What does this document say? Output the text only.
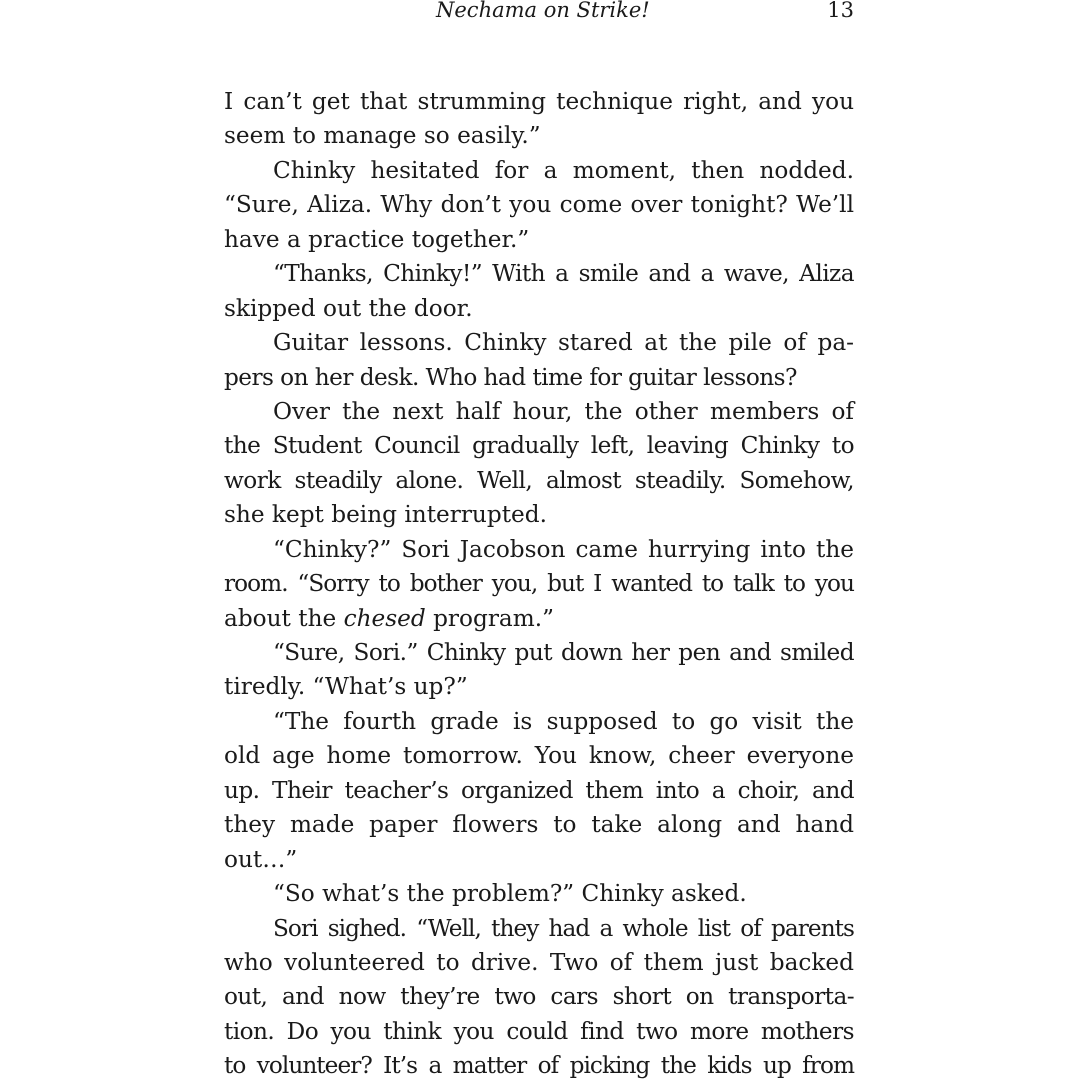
Nechama on Strike!	13
I can’t get that strumming technique right, and you
seem to manage so easily.”
Chinky hesitated for a moment, then nodded.
“Sure, Aliza. Why don’t you come over tonight? We’ll
have a practice together.”
“Thanks, Chinky!” With a smile and a wave, Aliza
skipped out the door.
Guitar lessons. Chinky stared at the pile of pa-
pers on her desk. Who had time for guitar lessons?
Over the next half hour, the other members of
the Student Council gradually left, leaving Chinky to
work steadily alone. Well, almost steadily. Somehow,
she kept being interrupted.
“Chinky?” Sori Jacobson came hurrying into the
room. “Sorry to bother you, but I wanted to talk to you
about the chesed program.”
“Sure, Sori.” Chinky put down her pen and smiled
tiredly. “What’s up?”
“The fourth grade is supposed to go visit the
old age home tomorrow. You know, cheer everyone
up. Their teacher’s organized them into a choir, and
they made paper flowers to take along and hand
out…”
“So what’s the problem?” Chinky asked.
Sori sighed. “Well, they had a whole list of parents
who volunteered to drive. Two of them just backed
out, and now they’re two cars short on transporta-
tion. Do you think you could find two more mothers
to volunteer? It’s a matter of picking the kids up from
